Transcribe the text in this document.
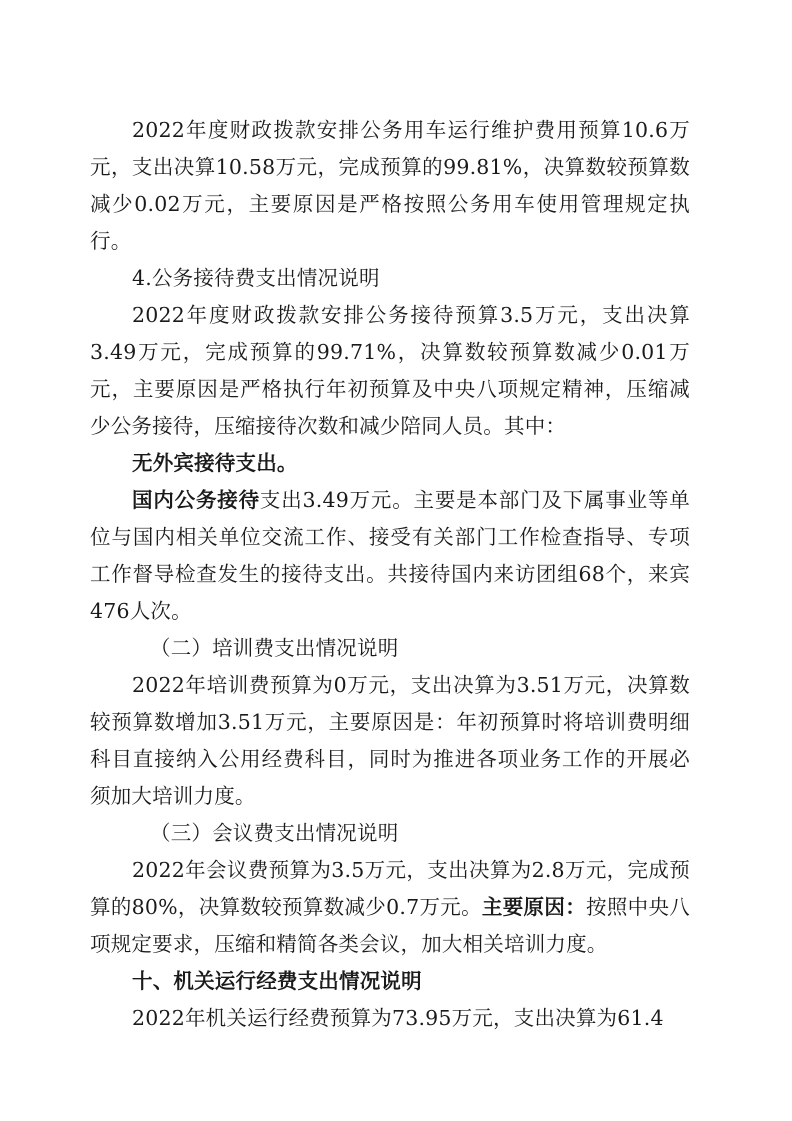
2022年度财政拨款安排公务用车运行维护费用预算10.6万元，支出决算10.58万元，完成预算的99.81%，决算数较预算数减少0.02万元，主要原因是严格按照公务用车使用管理规定执行。

4.公务接待费支出情况说明

2022年度财政拨款安排公务接待预算3.5万元，支出决算3.49万元，完成预算的99.71%，决算数较预算数减少0.01万元，主要原因是严格执行年初预算及中央八项规定精神，压缩减少公务接待，压缩接待次数和减少陪同人员。其中：

无外宾接待支出。

国内公务接待支出3.49万元。主要是本部门及下属事业等单位与国内相关单位交流工作、接受有关部门工作检查指导、专项工作督导检查发生的接待支出。共接待国内来访团组68个，来宾476人次。

（二）培训费支出情况说明

2022年培训费预算为0万元，支出决算为3.51万元，决算数较预算数增加3.51万元，主要原因是：年初预算时将培训费明细科目直接纳入公用经费科目，同时为推进各项业务工作的开展必须加大培训力度。

（三）会议费支出情况说明

2022年会议费预算为3.5万元，支出决算为2.8万元，完成预算的80%，决算数较预算数减少0.7万元。主要原因：按照中央八项规定要求，压缩和精简各类会议，加大相关培训力度。

十、机关运行经费支出情况说明

2022年机关运行经费预算为73.95万元，支出决算为61.4
